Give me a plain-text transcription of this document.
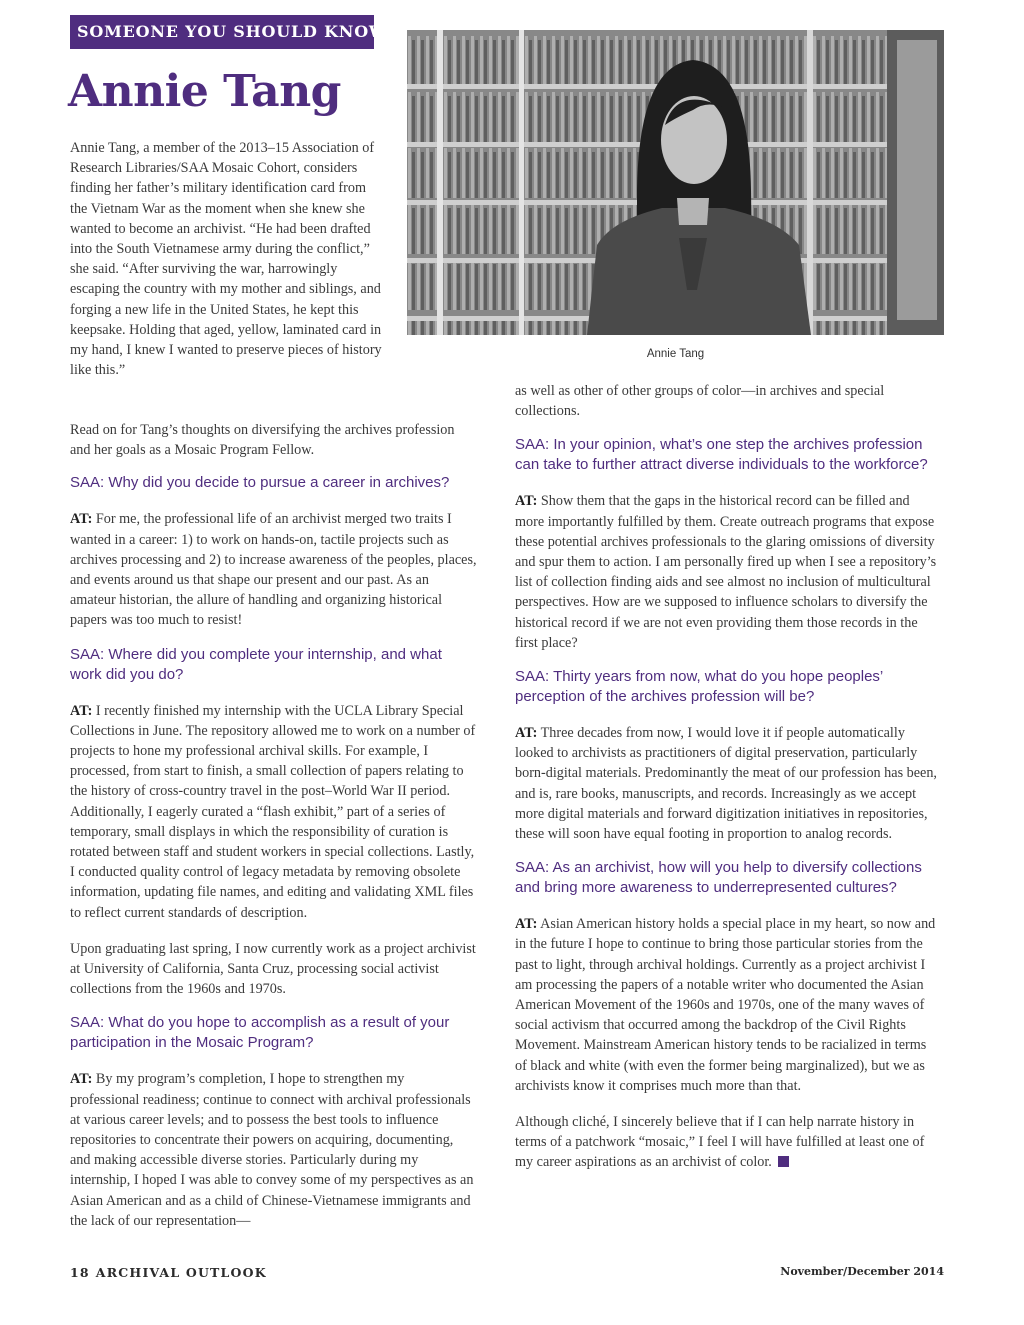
SOMEONE YOU SHOULD KNOW
Annie Tang
Annie Tang

Annie Tang, a member of the 2013–15 Association of Research Libraries/SAA Mosaic Cohort, considers finding her father’s military identification card from the Vietnam War as the moment when she knew she wanted to become an archivist. “He had been drafted into the South Vietnamese army during the conflict,” she said. “After surviving the war, harrowingly escaping the country with my mother and siblings, and forging a new life in the United States, he kept this keepsake. Holding that aged, yellow, laminated card in my hand, I knew I wanted to preserve pieces of history like this.”

Read on for Tang’s thoughts on diversifying the archives profession and her goals as a Mosaic Program Fellow.

SAA: Why did you decide to pursue a career in archives?

AT: For me, the professional life of an archivist merged two traits I wanted in a career: 1) to work on hands-on, tactile projects such as archives processing and 2) to increase awareness of the peoples, places, and events around us that shape our present and our past. As an amateur historian, the allure of handling and organizing historical papers was too much to resist!

SAA: Where did you complete your internship, and what work did you do?

AT: I recently finished my internship with the UCLA Library Special Collections in June. The repository allowed me to work on a number of projects to hone my professional archival skills. For example, I processed, from start to finish, a small collection of papers relating to the history of cross-country travel in the post–World War II period. Additionally, I eagerly curated a “flash exhibit,” part of a series of temporary, small displays in which the responsibility of curation is rotated between staff and student workers in special collections. Lastly, I conducted quality control of legacy metadata by removing obsolete information, updating file names, and editing and validating XML files to reflect current standards of description.

Upon graduating last spring, I now currently work as a project archivist at University of California, Santa Cruz, processing social activist collections from the 1960s and 1970s.

SAA: What do you hope to accomplish as a result of your participation in the Mosaic Program?

AT: By my program’s completion, I hope to strengthen my professional readiness; continue to connect with archival professionals at various career levels; and to possess the best tools to influence repositories to concentrate their powers on acquiring, documenting, and making accessible diverse stories. Particularly during my internship, I hoped I was able to convey some of my perspectives as an Asian American and as a child of Chinese-Vietnamese immigrants and the lack of our representation—

as well as other of other groups of color—in archives and special collections.

SAA: In your opinion, what’s one step the archives profession can take to further attract diverse individuals to the workforce?

AT: Show them that the gaps in the historical record can be filled and more importantly fulfilled by them. Create outreach programs that expose these potential archives professionals to the glaring omissions of diversity and spur them to action. I am personally fired up when I see a repository’s list of collection finding aids and see almost no inclusion of multicultural perspectives. How are we supposed to influence scholars to diversify the historical record if we are not even providing them those records in the first place?

SAA: Thirty years from now, what do you hope peoples’ perception of the archives profession will be?

AT: Three decades from now, I would love it if people automatically looked to archivists as practitioners of digital preservation, particularly born-digital materials. Predominantly the meat of our profession has been, and is, rare books, manuscripts, and records. Increasingly as we accept more digital materials and forward digitization initiatives in repositories, these will soon have equal footing in proportion to analog records.

SAA: As an archivist, how will you help to diversify collections and bring more awareness to underrepresented cultures?

AT: Asian American history holds a special place in my heart, so now and in the future I hope to continue to bring those particular stories from the past to light, through archival holdings. Currently as a project archivist I am processing the papers of a notable writer who documented the Asian American Movement of the 1960s and 1970s, one of the many waves of social activism that occurred among the backdrop of the Civil Rights Movement. Mainstream American history tends to be racialized in terms of black and white (with even the former being marginalized), but we as archivists know it comprises much more than that.

Although cliché, I sincerely believe that if I can help narrate history in terms of a patchwork “mosaic,” I feel I will have fulfilled at least one of my career aspirations as an archivist of color.

18 ARCHIVAL OUTLOOK	November/December 2014
